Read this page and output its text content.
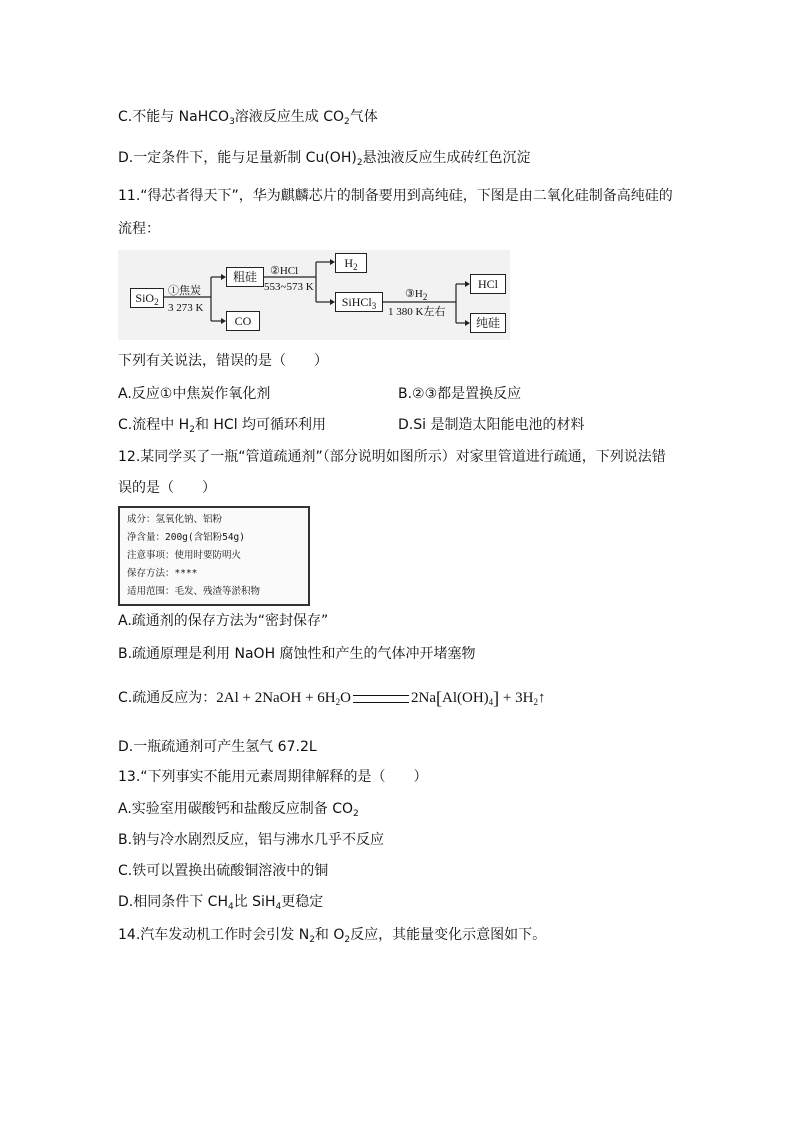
C.不能与 NaHCO$_3$溶液反应生成 $CO_2$气体
D.一定条件下，能与足量新制 $Cu(OH)_2$悬浊液反应生成砖红色沉淀
11.“得芯者得天下”，华为麒麟芯片的制备要用到高纯硅，下图是由二氧化硅制备高纯硅的
流程：
SiO$_2$
①焦炭
3 273 K
粗硅
CO
②HCl
553~573 K
$H_2$
SiHCl$_3$
$③H_2$
1 380 K左右
HCl
纯硅
下列有关说法，错误的是（　　）
A.反应①中焦炭作氧化剂	B.②③都是置换反应
C.流程中 $H_2$和 HCl 均可循环利用	D.Si 是制造太阳能电池的材料
12.某同学买了一瓶“管道疏通剂”（部分说明如图所示）对家里管道进行疏通，下列说法错
误的是（　　）
成分：氢氧化钠、铝粉
净含量：200g(含铝粉54g)
注意事项：使用时要防明火
保存方法：****
适用范围：毛发、残渣等淤积物
A.疏通剂的保存方法为“密封保存”
B.疏通原理是利用 NaOH 腐蚀性和产生的气体冲开堵塞物
C.疏通反应为：2Al + 2NaOH + $6H_2O$	$2Na[Al(OH)_4]$ + $3H_2↑$
D.一瓶疏通剂可产生氢气 67.2L
13.“下列事实不能用元素周期律解释的是（　　）
A.实验室用碳酸钙和盐酸反应制备 $CO_2$
B.钠与冷水剧烈反应，铝与沸水几乎不反应
C.铁可以置换出硫酸铜溶液中的铜
D.相同条件下 $CH_4$比 SiH$_4$更稳定
14.汽车发动机工作时会引发 $N_2$和 $O_2$反应，其能量变化示意图如下。
